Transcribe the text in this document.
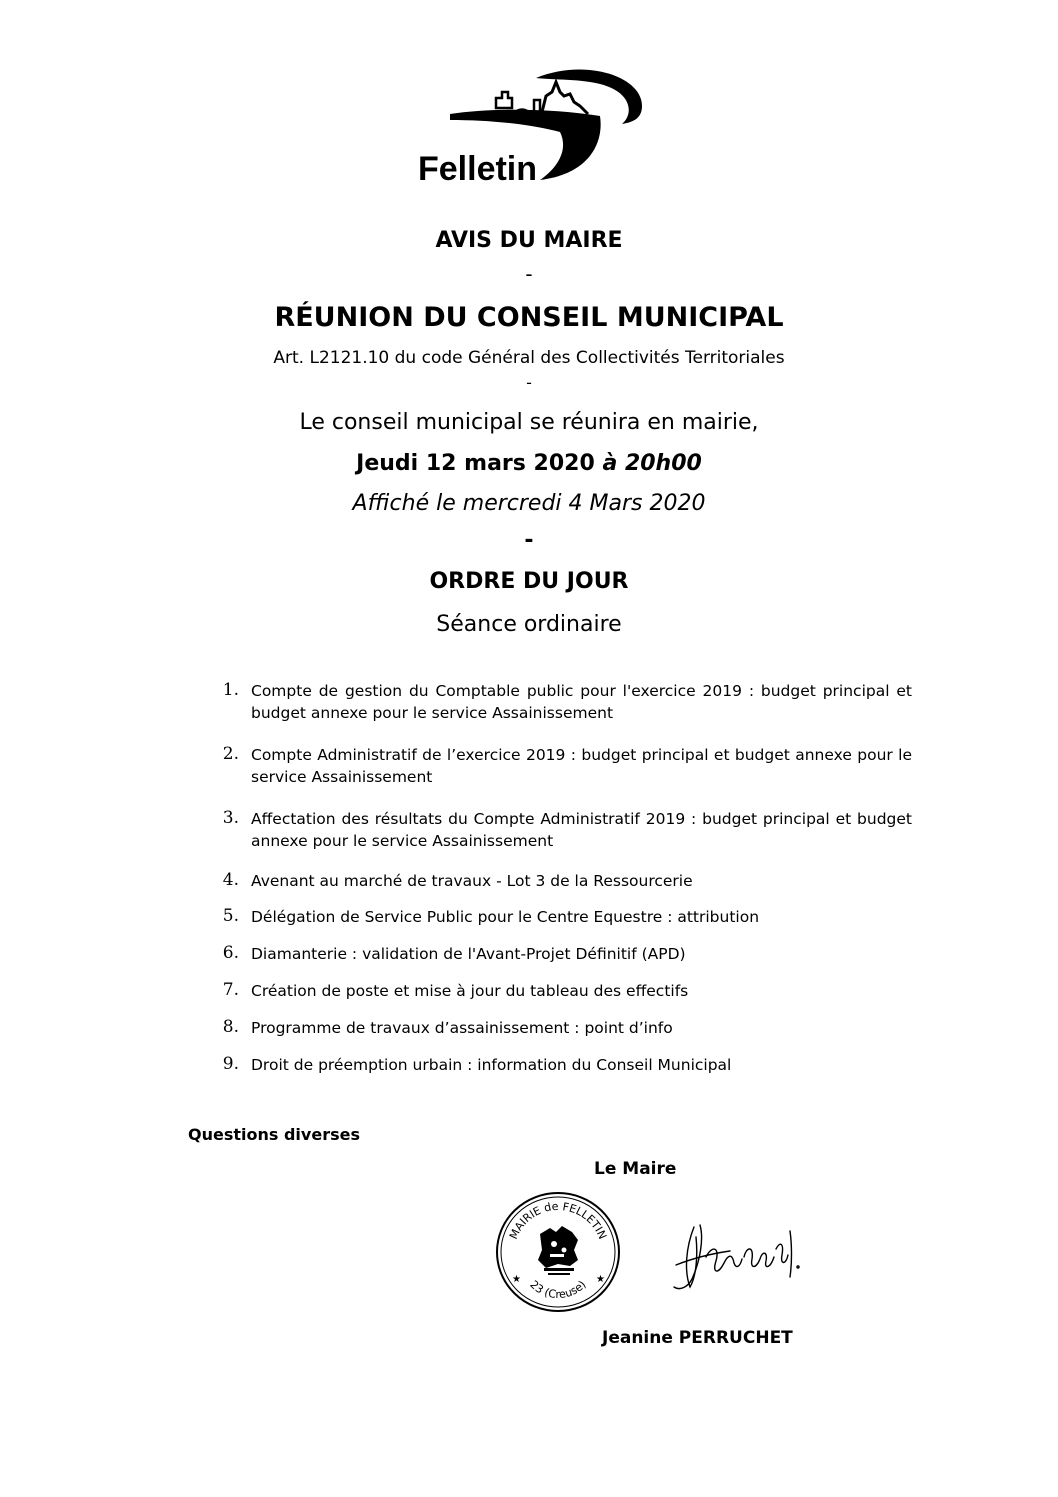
Felletin
AVIS DU MAIRE
-
RÉUNION DU CONSEIL MUNICIPAL
Art. L2121.10 du code Général des Collectivités Territoriales
-
Le conseil municipal se réunira en mairie,
Jeudi 12 mars 2020 à 20h00
Affiché le mercredi 4 Mars 2020
-
ORDRE DU JOUR
Séance ordinaire
1. Compte de gestion du Comptable public pour l'exercice 2019 : budget principal et budget annexe pour le service Assainissement
2. Compte Administratif de l’exercice 2019 : budget principal et budget annexe pour le service Assainissement
3. Affectation des résultats du Compte Administratif 2019 : budget principal et budget annexe pour le service Assainissement
4. Avenant au marché de travaux - Lot 3 de la Ressourcerie
5. Délégation de Service Public pour le Centre Equestre : attribution
6. Diamanterie : validation de l'Avant-Projet Définitif (APD)
7. Création de poste et mise à jour du tableau des effectifs
8. Programme de travaux d’assainissement : point d’info
9. Droit de préemption urbain : information du Conseil Municipal
Questions diverses
Le Maire
MAIRIE de FELLETIN
23 (Creuse)
★	★
Jeanine PERRUCHET
